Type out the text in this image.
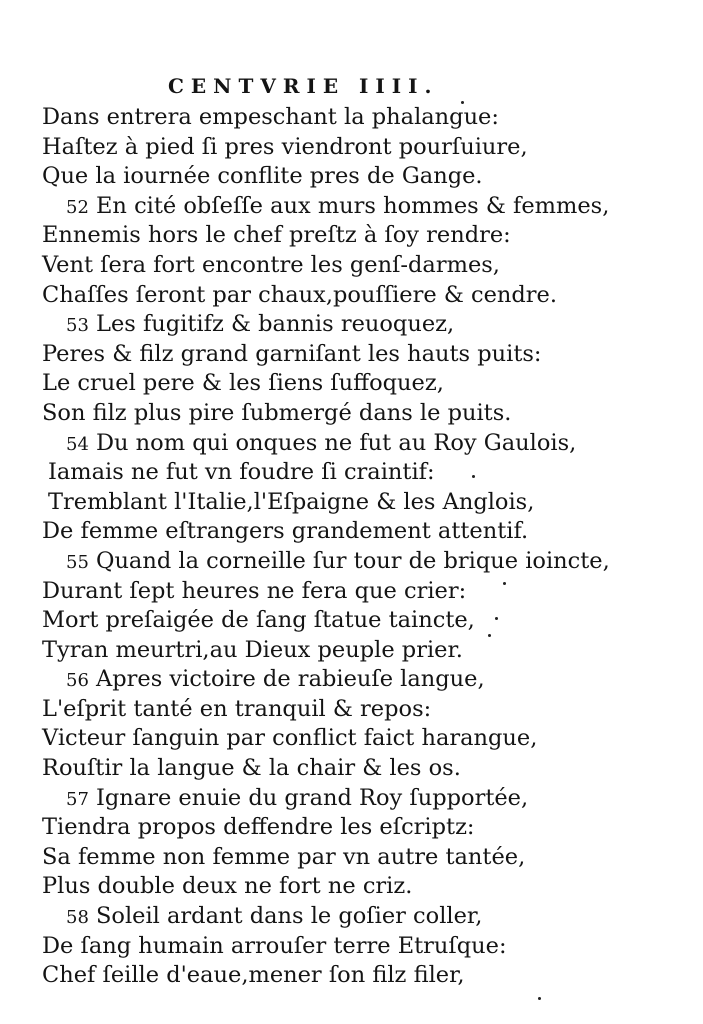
CENTVRIE IIII.
Dans entrera empeschant la phalangue:
Haſtez à pied ſi pres viendront pourſuiure,
Que la iournée conflite pres de Gange.
52 En cité obſeſſe aux murs hommes & femmes,
Ennemis hors le chef preſtz à ſoy rendre:
Vent ſera fort encontre les genſ-darmes,
Chaſſes ſeront par chaux,pouſſiere & cendre.
53 Les fugitifz & bannis reuoquez,
Peres & filz grand garniſant les hauts puits:
Le cruel pere & les ſiens ſuffoquez,
Son filz plus pire ſubmergé dans le puits.
54 Du nom qui onques ne fut au Roy Gaulois,
Iamais ne fut vn foudre ſi craintif:
Tremblant l'Italie,l'Eſpaigne & les Anglois,
De femme eſtrangers grandement attentif.
55 Quand la corneille ſur tour de brique ioincte,
Durant ſept heures ne fera que crier:
Mort preſaigée de ſang ſtatue taincte,
Tyran meurtri,au Dieux peuple prier.
56 Apres victoire de rabieuſe langue,
L'eſprit tanté en tranquil & repos:
Victeur ſanguin par conflict faict harangue,
Rouſtir la langue & la chair & les os.
57 Ignare enuie du grand Roy ſupportée,
Tiendra propos deffendre les eſcriptz:
Sa femme non femme par vn autre tantée,
Plus double deux ne fort ne criz.
58 Soleil ardant dans le goſier coller,
De ſang humain arrouſer terre Etruſque:
Chef ſeille d'eaue,mener ſon filz filer,
